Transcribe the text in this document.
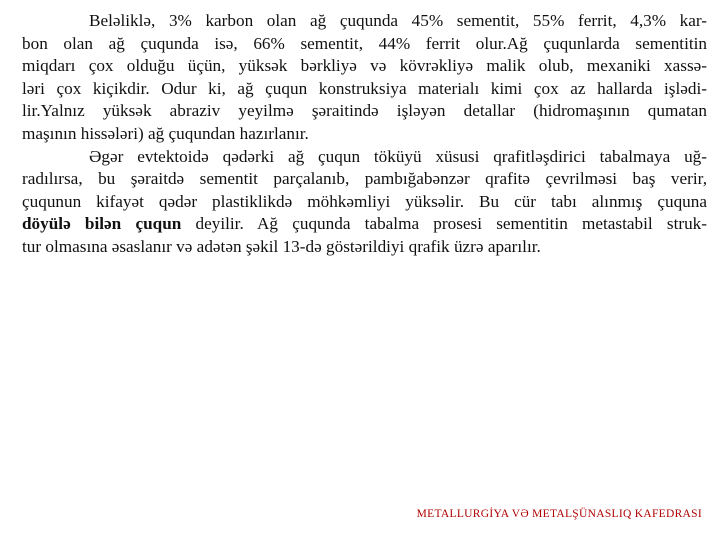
Beləliklə, 3% karbon olan ağ çuqunda 45% sementit, 55% ferrit, 4,3% kar-
bon olan ağ çuqunda isə, 66% sementit, 44% ferrit olur.Ağ çuqunlarda sementitin
miqdarı çox olduğu üçün, yüksək bərkliyə və kövrəkliyə malik olub, mexaniki xassə-
ləri çox kiçikdir. Odur ki, ağ çuqun konstruksiya materialı kimi çox az hallarda işlədi-
lir.Yalnız yüksək abraziv yeyilmə şəraitində işləyən detallar (hidromaşının qumatan
maşının hissələri) ağ çuqundan hazırlanır.
Əgər evtektoidə qədərki ağ çuqun töküyü xüsusi qrafitləşdirici tabalmaya uğ-
radılırsa, bu şəraitdə sementit parçalanıb, pambığabənzər qrafitə çevrilməsi baş verir,
çuqunun kifayət qədər plastiklikdə möhkəmliyi yüksəlir. Bu cür tabı alınmış çuquna
döyülə bilən çuqun deyilir. Ağ çuqunda tabalma prosesi sementitin metastabil struk-
tur olmasına əsaslanır və adətən şəkil 13-də göstərildiyi qrafik üzrə aparılır.
METALLURGİYA VƏ METALŞÜNASLIQ KAFEDRASI
